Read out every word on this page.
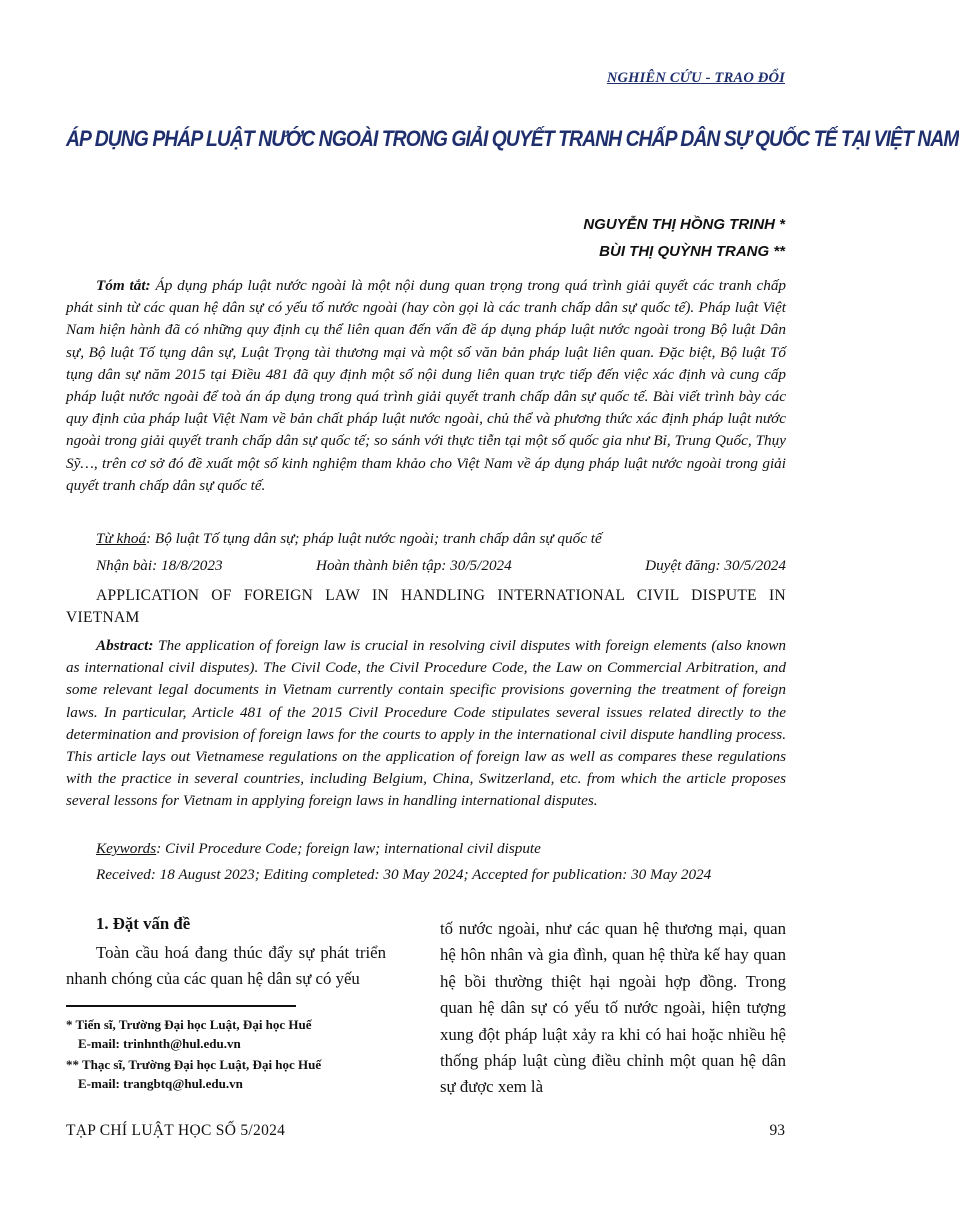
NGHIÊN CỨU - TRAO ĐỔI
ÁP DỤNG PHÁP LUẬT NƯỚC NGOÀI TRONG GIẢI QUYẾT TRANH CHẤP DÂN SỰ QUỐC TẾ TẠI VIỆT NAM
NGUYỄN THỊ HỒNG TRINH *
BÙI THỊ QUỲNH TRANG **
Tóm tắt: Áp dụng pháp luật nước ngoài là một nội dung quan trọng trong quá trình giải quyết các tranh chấp phát sinh từ các quan hệ dân sự có yếu tố nước ngoài (hay còn gọi là các tranh chấp dân sự quốc tế). Pháp luật Việt Nam hiện hành đã có những quy định cụ thể liên quan đến vấn đề áp dụng pháp luật nước ngoài trong Bộ luật Dân sự, Bộ luật Tố tụng dân sự, Luật Trọng tài thương mại và một số văn bản pháp luật liên quan. Đặc biệt, Bộ luật Tố tụng dân sự năm 2015 tại Điều 481 đã quy định một số nội dung liên quan trực tiếp đến việc xác định và cung cấp pháp luật nước ngoài để toà án áp dụng trong quá trình giải quyết tranh chấp dân sự quốc tế. Bài viết trình bày các quy định của pháp luật Việt Nam về bản chất pháp luật nước ngoài, chủ thể và phương thức xác định pháp luật nước ngoài trong giải quyết tranh chấp dân sự quốc tế; so sánh với thực tiễn tại một số quốc gia như Bỉ, Trung Quốc, Thụy Sỹ…, trên cơ sở đó đề xuất một số kinh nghiệm tham khảo cho Việt Nam về áp dụng pháp luật nước ngoài trong giải quyết tranh chấp dân sự quốc tế.
Từ khoá: Bộ luật Tố tụng dân sự; pháp luật nước ngoài; tranh chấp dân sự quốc tế
Nhận bài: 18/8/2023	Hoàn thành biên tập: 30/5/2024	Duyệt đăng: 30/5/2024
APPLICATION OF FOREIGN LAW IN HANDLING INTERNATIONAL CIVIL DISPUTE IN VIETNAM
Abstract: The application of foreign law is crucial in resolving civil disputes with foreign elements (also known as international civil disputes). The Civil Code, the Civil Procedure Code, the Law on Commercial Arbitration, and some relevant legal documents in Vietnam currently contain specific provisions governing the treatment of foreign laws. In particular, Article 481 of the 2015 Civil Procedure Code stipulates several issues related directly to the determination and provision of foreign laws for the courts to apply in the international civil dispute handling process. This article lays out Vietnamese regulations on the application of foreign law as well as compares these regulations with the practice in several countries, including Belgium, China, Switzerland, etc. from which the article proposes several lessons for Vietnam in applying foreign laws in handling international disputes.
Keywords: Civil Procedure Code; foreign law; international civil dispute
Received: 18 August 2023; Editing completed: 30 May 2024; Accepted for publication: 30 May 2024
1. Đặt vấn đề
Toàn cầu hoá đang thúc đẩy sự phát triển nhanh chóng của các quan hệ dân sự có yếu
tố nước ngoài, như các quan hệ thương mại, quan hệ hôn nhân và gia đình, quan hệ thừa kế hay quan hệ bồi thường thiệt hại ngoài hợp đồng. Trong quan hệ dân sự có yếu tố nước ngoài, hiện tượng xung đột pháp luật xảy ra khi có hai hoặc nhiều hệ thống pháp luật cùng điều chỉnh một quan hệ dân sự được xem là
* Tiến sĩ, Trường Đại học Luật, Đại học Huế
E-mail: trinhnth@hul.edu.vn
** Thạc sĩ, Trường Đại học Luật, Đại học Huế
E-mail: trangbtq@hul.edu.vn
TẠP CHÍ LUẬT HỌC SỐ 5/2024	93
